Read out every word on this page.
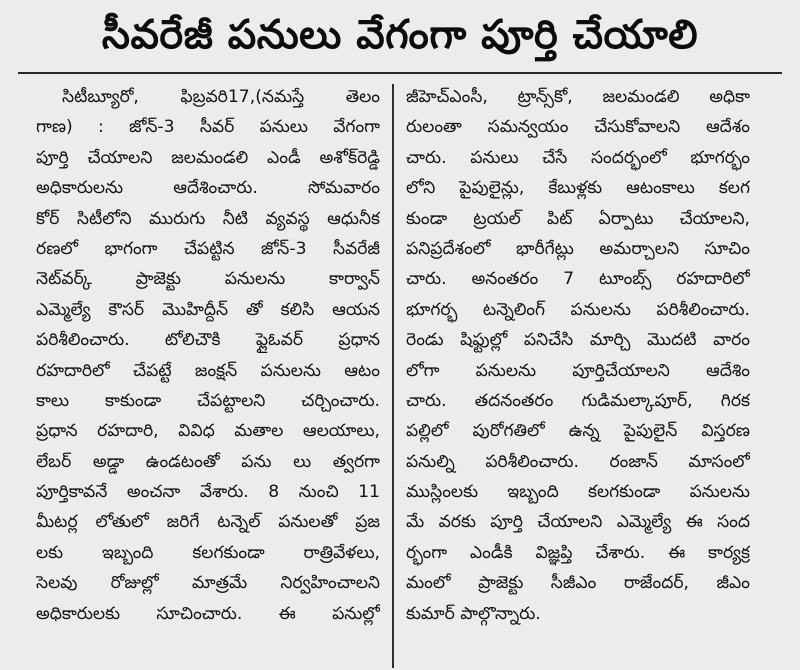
సీవరేజీ పనులు వేగంగా పూర్తి చేయాలి
సిటీబ్యూరో, ఫిబ్రవరి17,(నమస్తే తెలం
గాణ) : జోన్-3 సీవర్ పనులు వేగంగా
పూర్తి చేయాలని జలమండలి ఎండీ అశోక్‌రెడ్డి
అధికారులను ఆదేశించారు. సోమవారం
కోర్ సిటీలోని మురుగు నీటి వ్యవస్థ ఆధునీక
రణలో భాగంగా చేపట్టిన జోన్-3 సీవరేజీ
నెట్‌వర్క్ ప్రాజెక్టు పనులను కార్వాన్
ఎమ్మెల్యే కౌసర్ మొహిద్దీన్ తో కలిసి ఆయన
పరిశీలించారు. టోలిచౌకి ఫ్లైఓవర్ ప్రధాన
రహదారిలో చేపట్టే జంక్షన్ పనులను ఆటం
కాలు కాకుండా చేపట్టాలని చర్చించారు.
ప్రధాన రహదారి, వివిధ మతాల ఆలయాలు,
లేబర్ అడ్డా ఉండటంతో పను లు త్వరగా
పూర్తికావనే అంచనా వేశారు. 8 నుంచి 11
మీటర్ల లోతులో జరిగే టన్నెల్ పనులతో ప్రజ
లకు ఇబ్బంది కలగకుండా రాత్రివేళలు,
సెలవు రోజుల్లో మాత్రమే నిర్వహించాలని
అధికారులకు సూచించారు. ఈ పనుల్లో
జీహెచ్ఎంసీ, ట్రాన్స్‌కో, జలమండలి అధికా
రులంతా సమన్వయం చేసుకోవాలని ఆదేశం
చారు. పనులు చేసే సందర్భంలో భూగర్భం
లోని పైపులైన్లు, కేబుళ్లకు ఆటంకాలు కలగ
కుండా ట్రయల్ పిట్ ఏర్పాటు చేయాలని,
పనిప్రదేశంలో భారీగేట్లు అమర్చాలని సూచిం
చారు. అనంతరం 7 టూంబ్స్ రహదారిలో
భూగర్భ టన్నెలింగ్ పనులను పరిశీలించారు.
రెండు షిఫ్టుల్లో పనిచేసి మార్చి మొదటి వారం
లోగా పనులను పూర్తిచేయాలని ఆదేశిం
చారు. తదనంతరం గుడిమల్కాపూర్, గిరక
పల్లిలో పురోగతిలో ఉన్న పైపులైన్ విస్తరణ
పనుల్ని పరిశీలించారు. రంజాన్ మాసంలో
ముస్లింలకు ఇబ్బంది కలగకుండా పనులను
మే వరకు పూర్తి చేయాలని ఎమ్మెల్యే ఈ సంద
ర్భంగా ఎండీకి విజ్ఞప్తి చేశారు. ఈ కార్యక్ర
మంలో ప్రాజెక్టు సీజీఎం రాజేందర్, జీఎం
కుమార్ పాల్గొన్నారు.
